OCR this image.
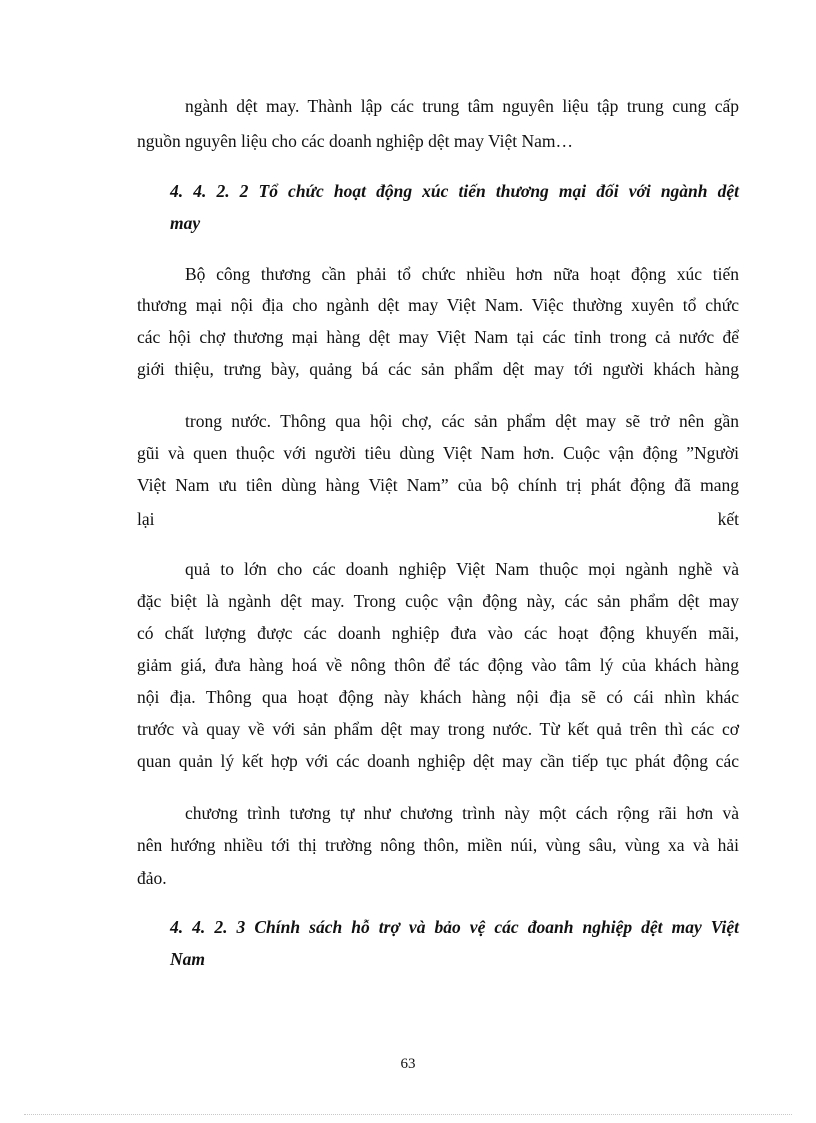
ngành dệt may. Thành lập các trung tâm nguyên liệu tập trung cung cấp
nguồn nguyên liệu cho các doanh nghiệp dệt may Việt Nam…
4. 4. 2. 2 Tổ chức hoạt động xúc tiến thương mại đối với ngành dệt
may
Bộ công thương cần phải tổ chức nhiều hơn nữa hoạt động xúc tiến
thương mại nội địa cho ngành dệt may Việt Nam. Việc thường xuyên tổ chức
các hội chợ thương mại hàng dệt may Việt Nam tại các tỉnh trong cả nước để
giới thiệu, trưng bày, quảng bá các sản phẩm dệt may tới người khách hàng
trong nước. Thông qua hội chợ, các sản phẩm dệt may sẽ trở nên gần
gũi và quen thuộc với người tiêu dùng Việt Nam hơn. Cuộc vận động ”Người
Việt Nam ưu tiên dùng hàng Việt Nam” của bộ chính trị phát động đã mang
lại	kết
quả to lớn cho các doanh nghiệp Việt Nam thuộc mọi ngành nghề và
đặc biệt là ngành dệt may. Trong cuộc vận động này, các sản phẩm dệt may
có chất lượng được các doanh nghiệp đưa vào các hoạt động khuyến mãi,
giảm giá, đưa hàng hoá về nông thôn để tác động vào tâm lý của khách hàng
nội địa. Thông qua hoạt động này khách hàng nội địa sẽ có cái nhìn khác
trước và quay về với sản phẩm dệt may trong nước. Từ kết quả trên thì các cơ
quan quản lý kết hợp với các doanh nghiệp dệt may cần tiếp tục phát động các
chương trình tương tự như chương trình này một cách rộng rãi hơn và
nên hướng nhiều tới thị trường nông thôn, miền núi, vùng sâu, vùng xa và hải
đảo.
4. 4. 2. 3 Chính sách hỗ trợ và bảo vệ các đoanh nghiệp dệt may Việt
Nam
63
